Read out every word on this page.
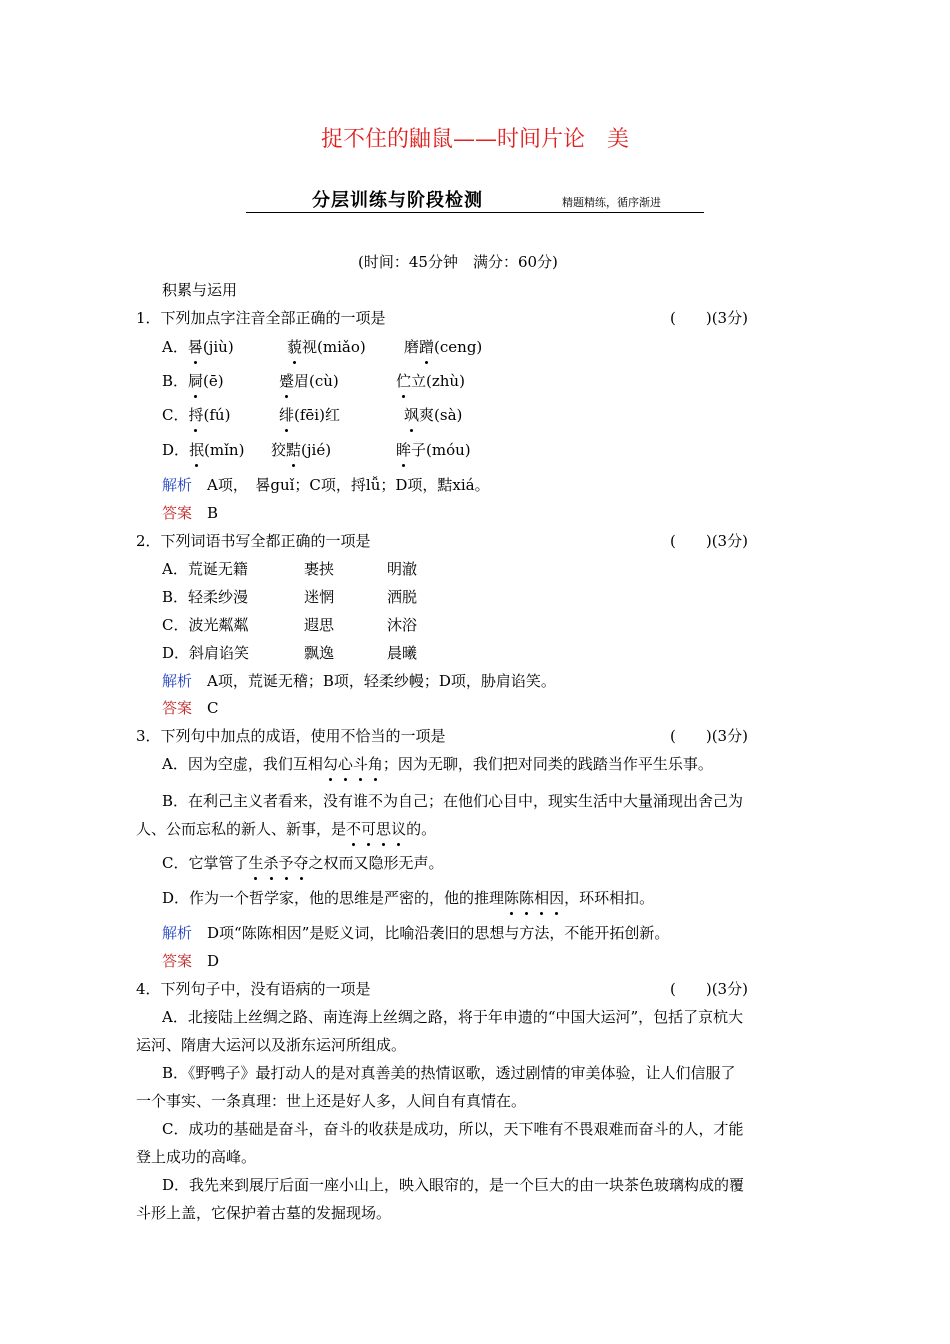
捉不住的鼬鼠——时间片论　美
分层训练与阶段检测	精题精练，循序渐进
(时间：45分钟　满分：60分)
积累与运用
1．下列加点字注音全部正确的一项是	(　　)(3分)
A．晷(jiù)	藐视(miǎo)	磨蹭(ceng)
B．屙(ē)	蹙眉(cù)	伫立(zhù)
C．捋(fú)	绯(fēi)红	飒爽(sà)
D．抿(mǐn) 狡黠(jié)	眸子(móu)
解析　 A项，　晷guǐ；C项，捋lǚ；D项，黠xiá。
答案　 B
2．下列词语书写全都正确的一项是	(　　)(3分)
A．荒诞无籍	裹挟	明澈
B．轻柔纱漫	迷惘	洒脱
C．波光粼粼	遐思	沐浴
D．斜肩谄笑	飘逸	晨曦
解析　 A项，荒诞无稽；B项，轻柔纱幔；D项，胁肩谄笑。
答案　 C
3．下列句中加点的成语，使用不恰当的一项是	(　　)(3分)
A．因为空虚，我们互相勾心斗角；因为无聊，我们把对同类的践踏当作平生乐事。
B．在利己主义者看来，没有谁不为自己；在他们心目中，现实生活中大量涌现出舍己为
人、公而忘私的新人、新事，是不可思议的。
C．它掌管了生杀予夺之权而又隐形无声。
D．作为一个哲学家，他的思维是严密的，他的推理陈陈相因，环环相扣。
解析　 D项“陈陈相因”是贬义词，比喻沿袭旧的思想与方法，不能开拓创新。
答案　 D
4．下列句子中，没有语病的一项是	(　　)(3分)
A．北接陆上丝绸之路、南连海上丝绸之路，将于年申遗的“中国大运河”，包括了京杭大
运河、隋唐大运河以及浙东运河所组成。
B．《野鸭子》最打动人的是对真善美的热情讴歌，透过剧情的审美体验，让人们信服了
一个事实、一条真理：世上还是好人多，人间自有真情在。
C．成功的基础是奋斗，奋斗的收获是成功，所以，天下唯有不畏艰难而奋斗的人，才能
登上成功的高峰。
D．我先来到展厅后面一座小山上，映入眼帘的，是一个巨大的由一块茶色玻璃构成的覆
斗形上盖，它保护着古墓的发掘现场。
